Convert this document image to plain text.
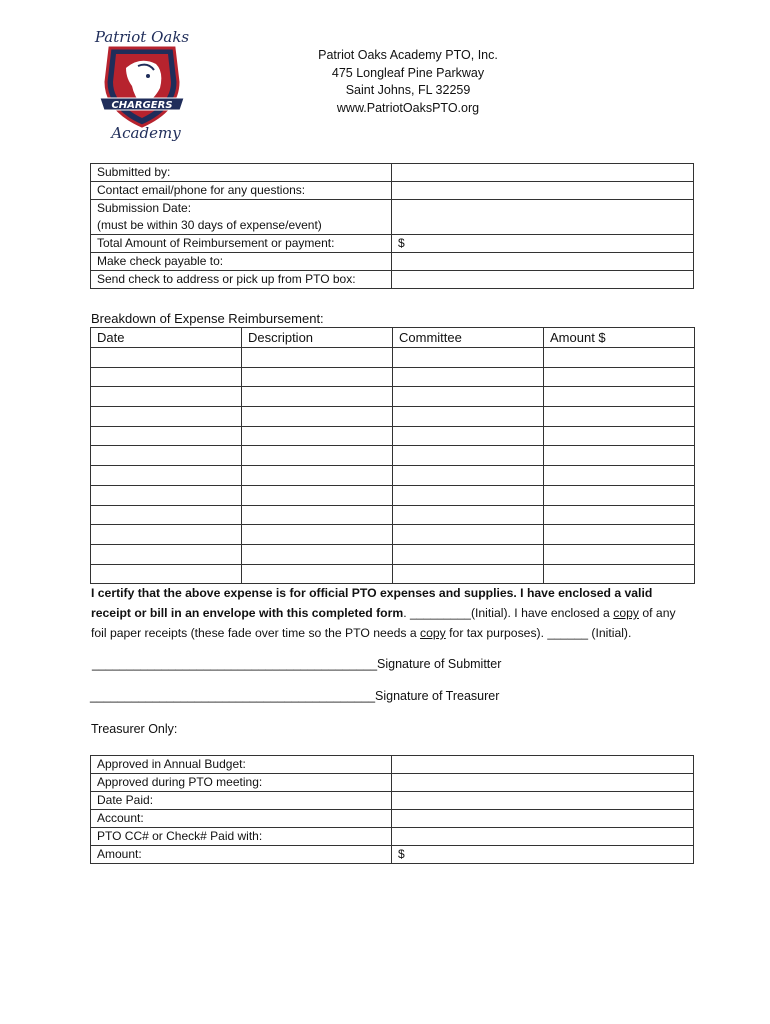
Patriot Oaks
CHARGERS
Academy
Patriot Oaks Academy PTO, Inc.
475 Longleaf Pine Parkway
Saint Johns, FL 32259
www.PatriotOaksPTO.org
Submitted by:	
Contact email/phone for any questions:	

Submission Date:
(must be within 30 days of expense/event)	

Total Amount of Reimbursement or payment:	$
Make check payable to:	
Send check to address or pick up from PTO box:	
Breakdown of Expense Reimbursement:
Date	Description	Committee	Amount $

I certify that the above expense is for official PTO expenses and supplies. I have enclosed a valid receipt or bill in an envelope with this completed form. _________(Initial). I have enclosed a copy of any foil paper receipts (these fade over time so the PTO needs a copy for tax purposes). ______ (Initial).
_________________________________________Signature of Submitter
_________________________________________Signature of Treasurer
Treasurer Only:
Approved in Annual Budget:	
Approved during PTO meeting:	
Date Paid:	
Account:	
PTO CC# or Check# Paid with:	
Amount:	$
